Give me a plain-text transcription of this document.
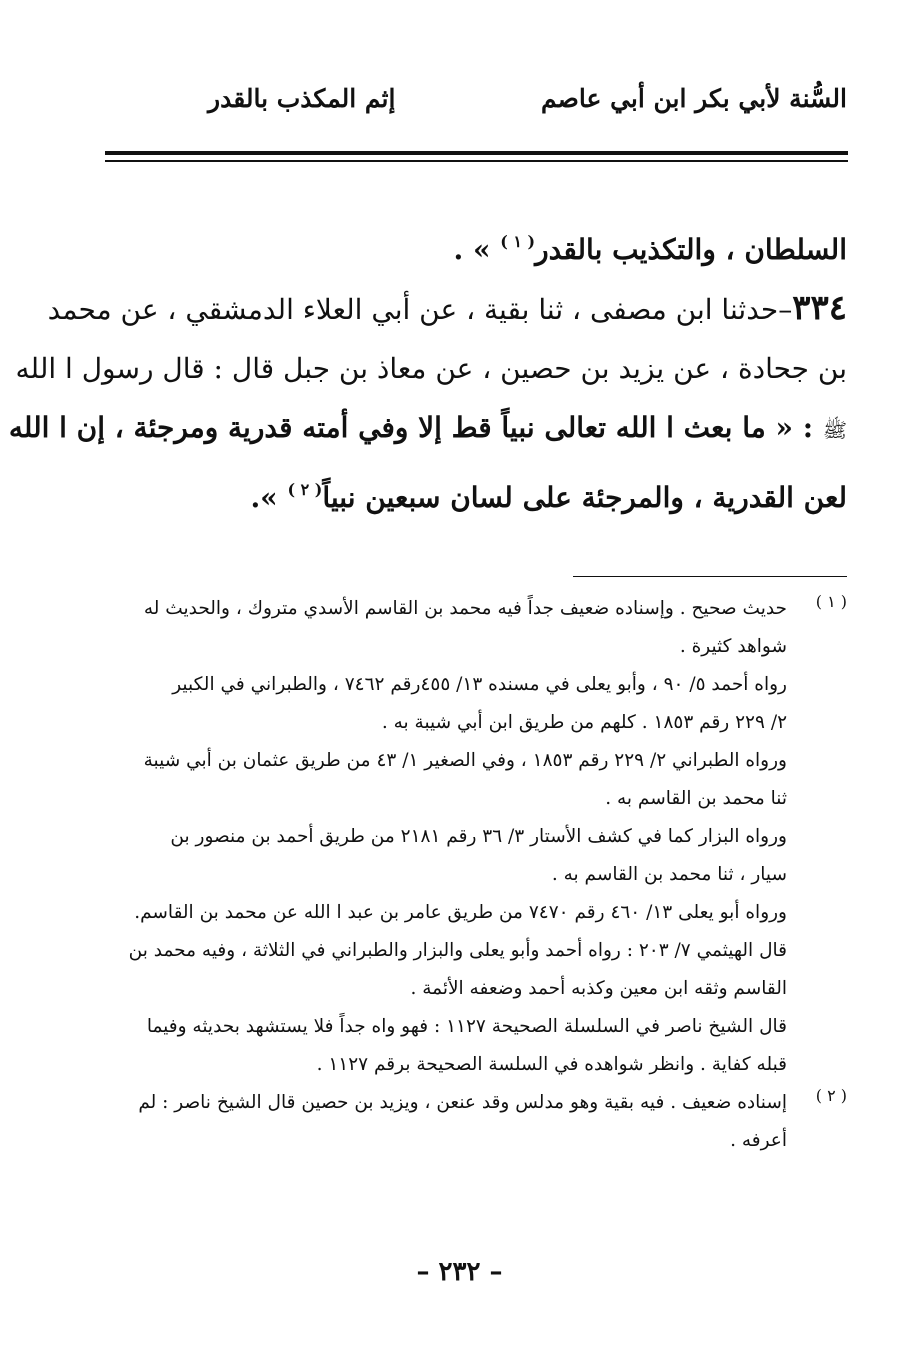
السُّنة لأبي بكر ابن أبي عاصم
إثم المكذب بالقدر
السلطان ، والتكذيب بالقدر$^{( ١ )}$ » .
٣٣٤–حدثنا ابن مصفى ، ثنا بقية ، عن أبي العلاء الدمشقي ، عن محمد
بن جحادة ، عن يزيد بن حصين ، عن معاذ بن جبل قال : قال رسول ا الله
ﷺ : « ما بعث ا الله تعالى نبياً قط إلا وفي أمته قدرية ومرجئة ، إن ا الله
لعن القدرية ، والمرجئة على لسان سبعين نبياً$^{( ٢ )}$ ».
( ١ )
حديث صحيح . وإسناده ضعيف جداً فيه محمد بن القاسم الأسدي متروك ، والحديث له
شواهد كثيرة .
رواه أحمد ٥/ ٩٠ ، وأبو يعلى في مسنده ١٣/ ٤٥٥رقم ٧٤٦٢ ، والطبراني في الكبير
٢/ ٢٢٩ رقم ١٨٥٣ . كلهم من طريق ابن أبي شيبة به .
ورواه الطبراني ٢/ ٢٢٩ رقم ١٨٥٣ ، وفي الصغير ١/ ٤٣ من طريق عثمان بن أبي شيبة
ثنا محمد بن القاسم به .
ورواه البزار كما في كشف الأستار ٣/ ٣٦ رقم ٢١٨١ من طريق أحمد بن منصور بن
سيار ، ثنا محمد بن القاسم به .
ورواه أبو يعلى ١٣/ ٤٦٠ رقم ٧٤٧٠ من طريق عامر بن عبد ا الله عن محمد بن القاسم.
قال الهيثمي ٧/ ٢٠٣ : رواه أحمد وأبو يعلى والبزار والطبراني في الثلاثة ، وفيه محمد بن
القاسم وثقه ابن معين وكذبه أحمد وضعفه الأئمة .
قال الشيخ ناصر في السلسلة الصحيحة ١١٢٧ : فهو واه جداً فلا يستشهد بحديثه وفيما
قبله كفاية . وانظر شواهده في السلسة الصحيحة برقم ١١٢٧ .
( ٢ )
إسناده ضعيف . فيه بقية وهو مدلس وقد عنعن ، ويزيد بن حصين قال الشيخ ناصر : لم
أعرفه .
– ٢٣٢ –
